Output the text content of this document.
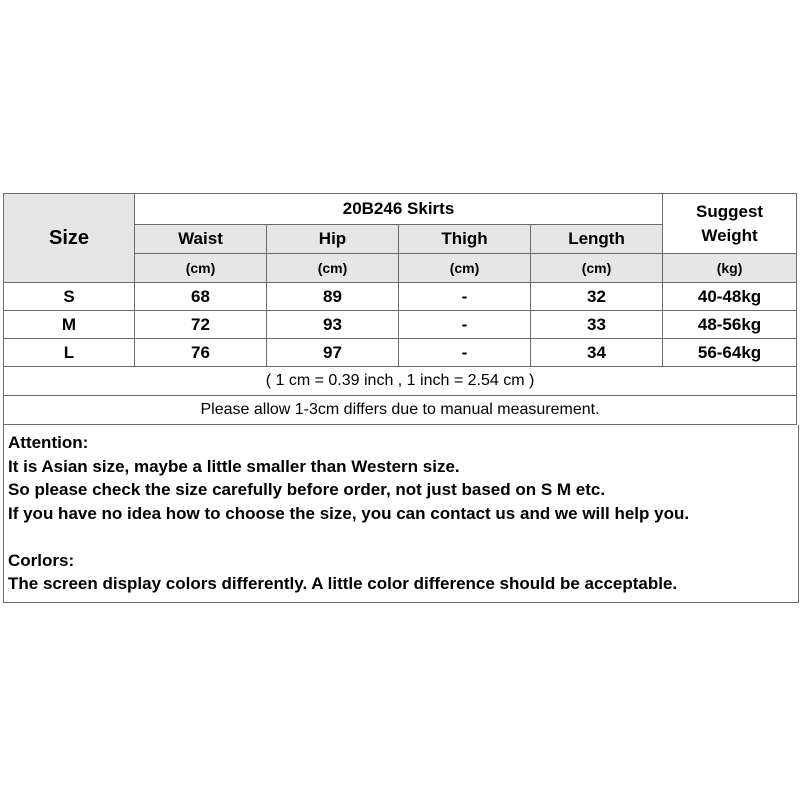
Size	20B246 Skirts				Suggest
Weight
	Waist	Hip	Thigh	Length	
	(cm)	(cm)	(cm)	(cm)	(kg)
S	68	89	-	32	40-48kg
M	72	93	-	33	48-56kg
L	76	97	-	34	56-64kg
( 1 cm = 0.39 inch , 1 inch = 2.54 cm )					
Please allow 1-3cm differs due to manual measurement.					

Attention:

It is Asian size, maybe a little smaller than Western size.

So please check the size carefully before order, not just based on S M etc.

If you have no idea how to choose the size, you can contact us and we will help you.

Corlors:

The screen display colors differently. A little color difference should be acceptable.
